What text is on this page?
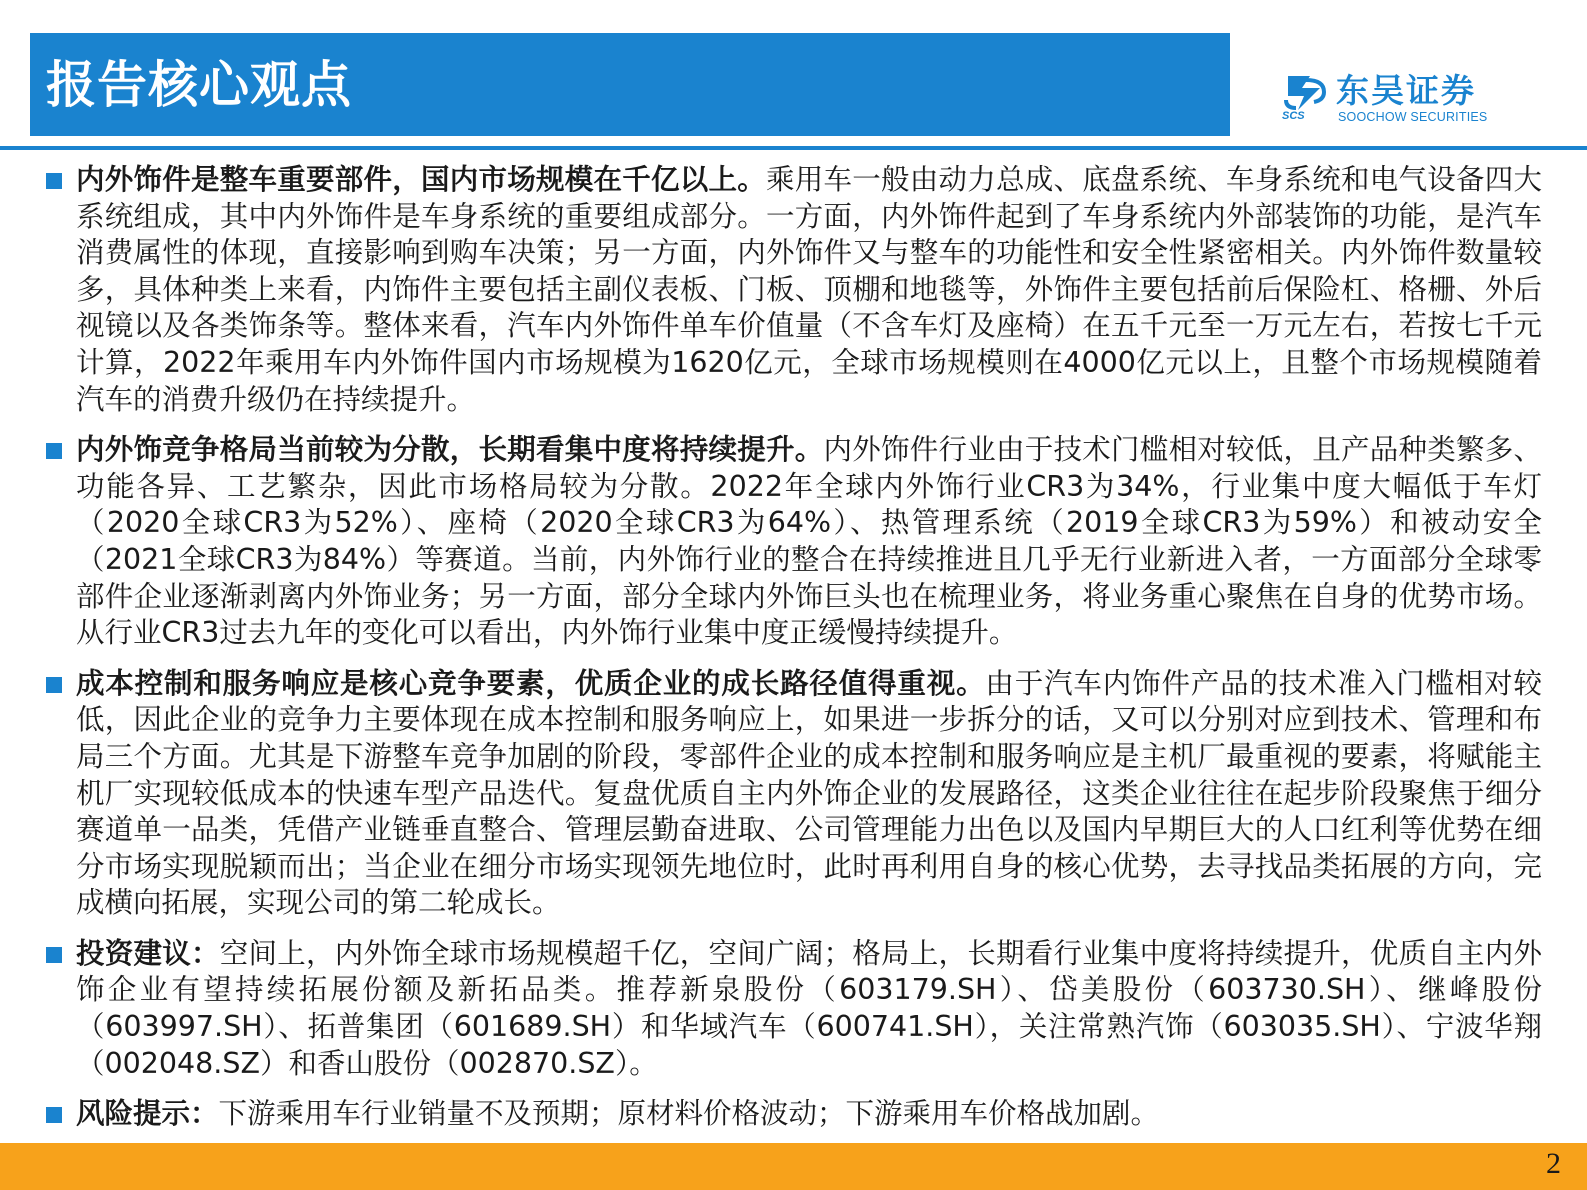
报告核心观点
SCS
东吴证券
SOOCHOW SECURITIES
内外饰件是整车重要部件，国内市场规模在千亿以上。乘用车一般由动力总成、底盘系统、车身系统和电气设备四大系统组成，其中内外饰件是车身系统的重要组成部分。一方面，内外饰件起到了车身系统内外部装饰的功能，是汽车消费属性的体现，直接影响到购车决策；另一方面，内外饰件又与整车的功能性和安全性紧密相关。内外饰件数量较多，具体种类上来看，内饰件主要包括主副仪表板、门板、顶棚和地毯等，外饰件主要包括前后保险杠、格栅、外后视镜以及各类饰条等。整体来看，汽车内外饰件单车价值量（不含车灯及座椅）在五千元至一万元左右，若按七千元计算，2022年乘用车内外饰件国内市场规模为1620亿元，全球市场规模则在4000亿元以上，且整个市场规模随着汽车的消费升级仍在持续提升。
内外饰竞争格局当前较为分散，长期看集中度将持续提升。内外饰件行业由于技术门槛相对较低，且产品种类繁多、功能各异、工艺繁杂，因此市场格局较为分散。2022年全球内外饰行业CR3为34%，行业集中度大幅低于车灯（2020全球CR3为52%）、座椅（2020全球CR3为64%）、热管理系统（2019全球CR3为59%）和被动安全（2021全球CR3为84%）等赛道。当前，内外饰行业的整合在持续推进且几乎无行业新进入者，一方面部分全球零部件企业逐渐剥离内外饰业务；另一方面，部分全球内外饰巨头也在梳理业务，将业务重心聚焦在自身的优势市场。从行业CR3过去九年的变化可以看出，内外饰行业集中度正缓慢持续提升。
成本控制和服务响应是核心竞争要素，优质企业的成长路径值得重视。由于汽车内饰件产品的技术准入门槛相对较低，因此企业的竞争力主要体现在成本控制和服务响应上，如果进一步拆分的话，又可以分别对应到技术、管理和布局三个方面。尤其是下游整车竞争加剧的阶段，零部件企业的成本控制和服务响应是主机厂最重视的要素，将赋能主机厂实现较低成本的快速车型产品迭代。复盘优质自主内外饰企业的发展路径，这类企业往往在起步阶段聚焦于细分赛道单一品类，凭借产业链垂直整合、管理层勤奋进取、公司管理能力出色以及国内早期巨大的人口红利等优势在细分市场实现脱颖而出；当企业在细分市场实现领先地位时，此时再利用自身的核心优势，去寻找品类拓展的方向，完成横向拓展，实现公司的第二轮成长。
投资建议：空间上，内外饰全球市场规模超千亿，空间广阔；格局上，长期看行业集中度将持续提升，优质自主内外饰企业有望持续拓展份额及新拓品类。推荐新泉股份（603179.SH）、岱美股份（603730.SH）、继峰股份（603997.SH）、拓普集团（601689.SH）和华域汽车（600741.SH），关注常熟汽饰（603035.SH）、宁波华翔（002048.SZ）和香山股份（002870.SZ）。
风险提示：下游乘用车行业销量不及预期；原材料价格波动；下游乘用车价格战加剧。
2
